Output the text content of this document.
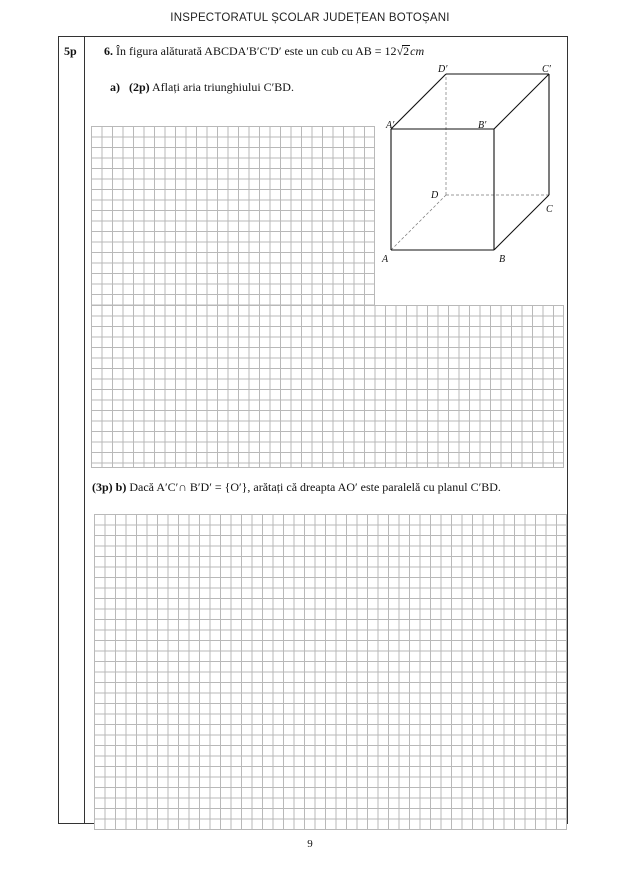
INSPECTORATUL ȘCOLAR JUDEȚEAN BOTOȘANI
5p 6. În figura alăturată ABCDA′B′C′D′ este un cub cu AB = 12√2cm
a) (2p) Aflați aria triunghiului C′BD.
A	B
C
D
A′	B′
C′
D′
(3p) b) Dacă A′C′∩ B′D′ = {O′}, arătați că dreapta AO′ este paralelă cu planul C′BD.
9
